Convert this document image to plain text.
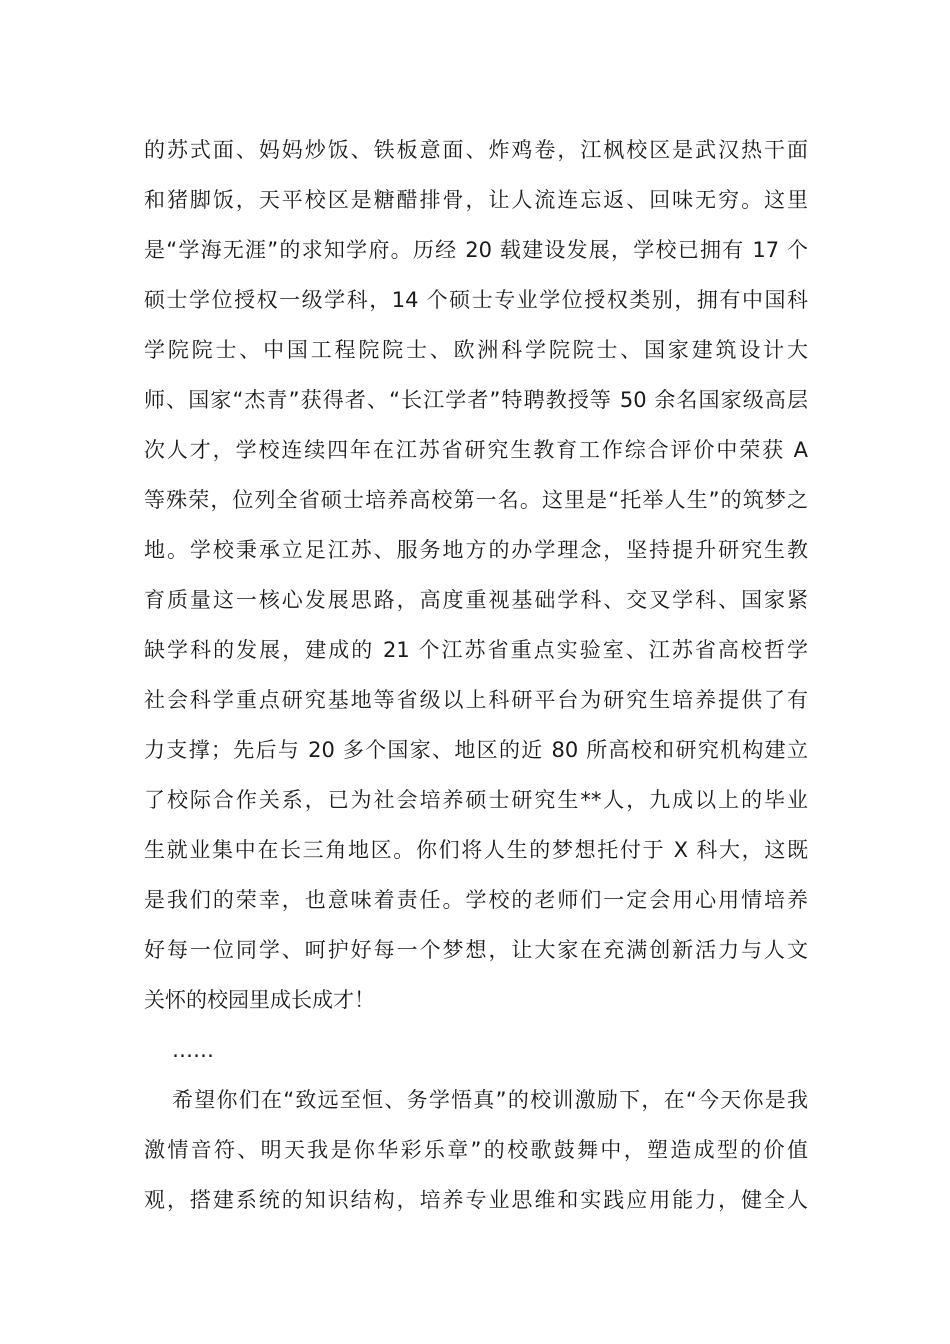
的苏式面、妈妈炒饭、铁板意面、炸鸡卷，江枫校区是武汉热干面
和猪脚饭，天平校区是糖醋排骨，让人流连忘返、回味无穷。这里
是“学海无涯”的求知学府。历经 20 载建设发展，学校已拥有 17 个
硕士学位授权一级学科，14 个硕士专业学位授权类别，拥有中国科
学院院士、中国工程院院士、欧洲科学院院士、国家建筑设计大
师、国家“杰青”获得者、“长江学者”特聘教授等 50 余名国家级高层
次人才，学校连续四年在江苏省研究生教育工作综合评价中荣获 A
等殊荣，位列全省硕士培养高校第一名。这里是“托举人生”的筑梦之
地。学校秉承立足江苏、服务地方的办学理念，坚持提升研究生教
育质量这一核心发展思路，高度重视基础学科、交叉学科、国家紧
缺学科的发展，建成的 21 个江苏省重点实验室、江苏省高校哲学
社会科学重点研究基地等省级以上科研平台为研究生培养提供了有
力支撑；先后与 20 多个国家、地区的近 80 所高校和研究机构建立
了校际合作关系，已为社会培养硕士研究生**人，九成以上的毕业
生就业集中在长三角地区。你们将人生的梦想托付于 X 科大，这既
是我们的荣幸，也意味着责任。学校的老师们一定会用心用情培养
好每一位同学、呵护好每一个梦想，让大家在充满创新活力与人文
关怀的校园里成长成才！
……
希望你们在“致远至恒、务学悟真”的校训激励下，在“今天你是我
激情音符、明天我是你华彩乐章”的校歌鼓舞中，塑造成型的价值
观，搭建系统的知识结构，培养专业思维和实践应用能力，健全人
